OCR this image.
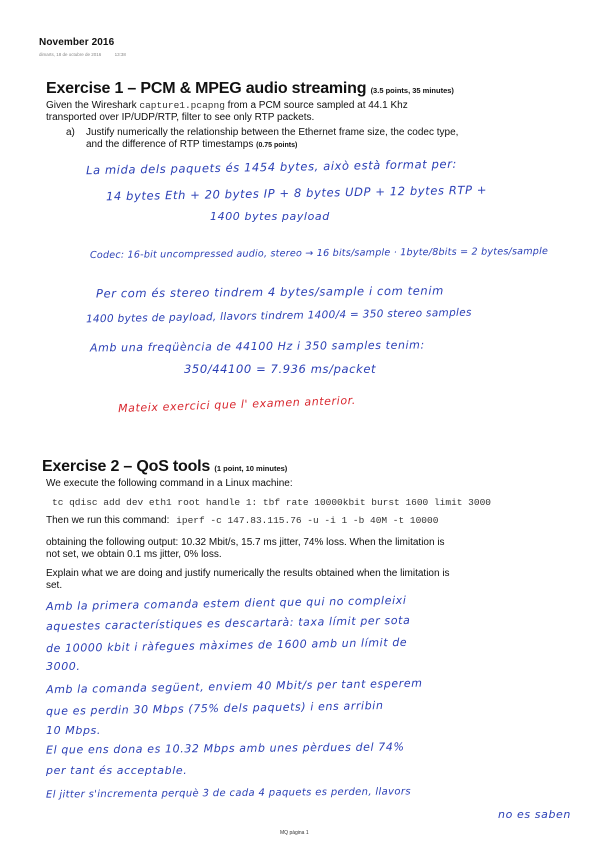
November 2016
dimarts, 18 de octubre de 2016	13:38
Exercise 1 – PCM & MPEG audio streaming (3.5 points, 35 minutes)
Given the Wireshark capture1.pcapng from a PCM source sampled at 44.1 Khz
transported over IP/UDP/RTP, filter to see only RTP packets.
a) Justify numerically the relationship between the Ethernet frame size, the codec type,
and the difference of RTP timestamps (0.75 points)
La mida dels paquets és 1454 bytes, això està format per:
14 bytes Eth + 20 bytes IP + 8 bytes UDP + 12 bytes RTP +
1400 bytes payload
Codec: 16-bit uncompressed audio, stereo → 16 bits/sample · 1byte/8bits = 2 bytes/sample
Per com és stereo tindrem 4 bytes/sample i com tenim
1400 bytes de payload, llavors tindrem 1400/4 = 350 stereo samples
Amb una freqüència de 44100 Hz i 350 samples tenim:
350/44100 = 7.936 ms/packet
Mateix exercici que l' examen anterior.
Exercise 2 – QoS tools (1 point, 10 minutes)
We execute the following command in a Linux machine:
tc qdisc add dev eth1 root handle 1: tbf rate 10000kbit burst 1600 limit 3000
Then we run this command: iperf -c 147.83.115.76 -u -i 1 -b 40M -t 10000
obtaining the following output: 10.32 Mbit/s, 15.7 ms jitter, 74% loss. When the limitation is
not set, we obtain 0.1 ms jitter, 0% loss.
Explain what we are doing and justify numerically the results obtained when the limitation is
set.
Amb la primera comanda estem dient que qui no compleixi
aquestes característiques es descartarà: taxa límit per sota
de 10000 kbit i ràfegues màximes de 1600 amb un límit de
3000.
Amb la comanda següent, enviem 40 Mbit/s per tant esperem
que es perdin 30 Mbps (75% dels paquets) i ens arribin
10 Mbps.
El que ens dona es 10.32 Mbps amb unes pèrdues del 74%
per tant és acceptable.
El jitter s'incrementa perquè 3 de cada 4 paquets es perden, llavors
no es saben
MQ pàgina 1
